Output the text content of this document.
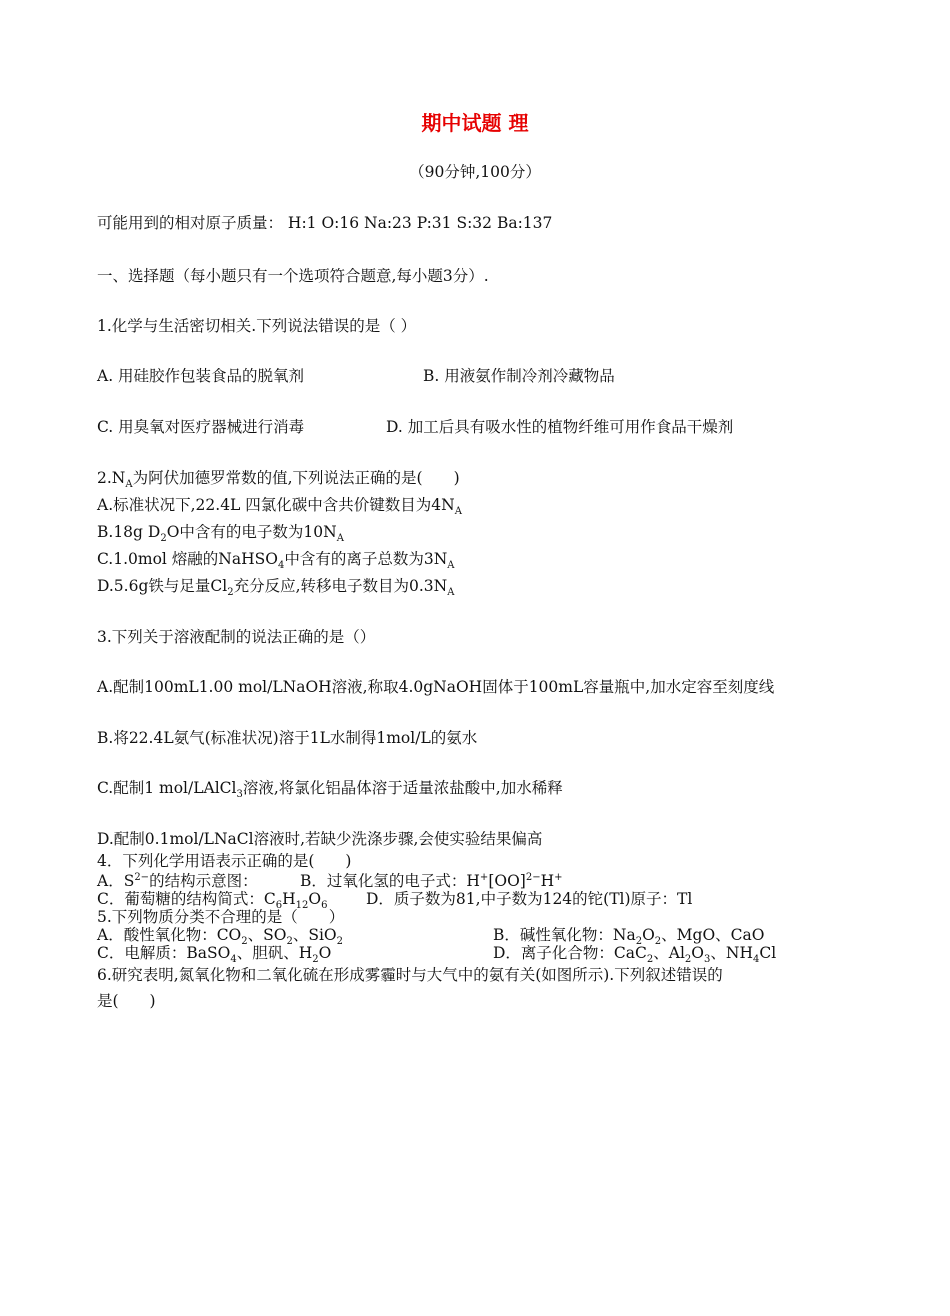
期中试题 理
（90分钟,100分）
可能用到的相对原子质量： H:1 O:16 Na:23 P:31 S:32 Ba:137
一、选择题（每小题只有一个选项符合题意,每小题3分）.
1.化学与生活密切相关.下列说法错误的是（ ）
A. 用硅胶作包装食品的脱氧剂	B. 用液氨作制冷剂冷藏物品
C. 用臭氧对医疗器械进行消毒	D. 加工后具有吸水性的植物纤维可用作食品干燥剂
$2.N_A$为阿伏加德罗常数的值,下列说法正确的是(　　)
A.标准状况下,22.4L 四氯化碳中含共价键数目为$4N_A$
B.18g $D_2O$中含有的电子数为$10N_A$
C.1.0mol 熔融的NaHSO$_4$中含有的离子总数为$3N_A$
D.5.6g铁与足量$Cl_2$充分反应,转移电子数目为$0.3N_A$
3.下列关于溶液配制的说法正确的是（）
A.配制100mL1.00 mol/LNaOH溶液,称取4.0gNaOH固体于100mL容量瓶中,加水定容至刻度线
B.将22.4L氨气(标准状况)溶于1L水制得1mol/L的氨水
C.配制1 mol/LAlCl$_3$溶液,将氯化铝晶体溶于适量浓盐酸中,加水稀释
D.配制0.1mol/LNaCl溶液时,若缺少洗涤步骤,会使实验结果偏高
4．下列化学用语表示正确的是(　　)
A．$S^{2-}$的结构示意图：	B．过氧化氢的电子式：H+[OO]$^{2-}$H+
C．葡萄糖的结构简式：$C_6H_{12}O_6$ D．质子数为81,中子数为124的铊(Tl)原子：Tl
5.下列物质分类不合理的是（　　）
A．酸性氧化物：$CO_2$、$SO_2$、SiO$_2$	B．碱性氧化物：$Na_2O_2$、MgO、CaO
C．电解质：BaSO$_4$、胆矾、$H_2O$	D．离子化合物：CaC$_2$、$Al_2O_3$、$NH_4Cl$
6.研究表明,氮氧化物和二氧化硫在形成雾霾时与大气中的氨有关(如图所示).下列叙述错误的
是(　　)
